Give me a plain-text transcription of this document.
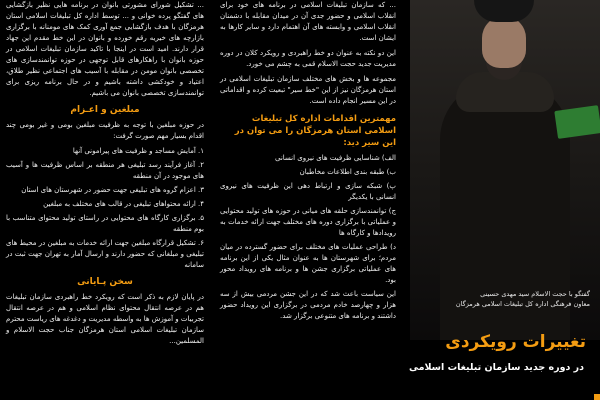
... تشکیل شورای مشورتی بانوان در برنامه هایی نظیر بازگشایی های گفتگو پرده خوانی و ... توسط اداره کل تبلیغات اسلامی استان هرمزگان با هدف بازگشایی جمع آوری کمک های مومنانه با برگزاری بازارچه های خیریه رقم خورده و بانوان در این خط مقدم این جهاد قرار دارند. امید است در اینجا با تاکید سازمان تبلیغات اسلامی در حوزه بانوان با راهکارهای قابل توجهی در حوزه توانمندسازی های تخصصی بانوان مومن در مقابله با آسیب های اجتماعی نظیر طلاق، اعتیاد و خودکشی داشته باشیم و در حال برنامه ریزی برای توانمندسازی تخصصی بانوان می باشیم.

مبلغین و اعـزام

در حوزه مبلغین با توجه به ظرفیت مبلغین بومی و غیر بومی چند اقدام بسیار مهم صورت گرفت:

۱. آمایش مساجد و ظرفیت های پیرامونی آنها
۲. آغاز فرآیند رسد تبلیغی هر منطقه بر اساس ظرفیت ها و آسیب های موجود در آن منطقه
۳. اعزام گروه های تبلیغی جهت حضور در شهرستان های استان
۴. ارائه محتواهای تبلیغی در قالب های مختلف به مبلغین
۵. برگزاری کارگاه های محتوایی در راستای تولید محتوای متناسب با بوم منطقه
۶. تشکیل قرارگاه مبلغین جهت ارائه خدمات به مبلغین در محیط های تبلیغی و مبلغانی که حضور دارند و ارسال آمار به تهران جهت ثبت در سامانه
سخن پـایانی

در پایان لازم به ذکر است که رویکرد خط راهبردی سازمان تبلیغات هم در عرصه انتقال محتوای نظام اسلامی و هم در عرصه انتقال تجربیات و آموزش ها به واسطه مدیریت و دغدغه های ریاست محترم سازمان تبلیغات اسلامی استان هرمزگان جناب حجت الاسلام و المسلمین...

... که سازمان تبلیغات اسلامی در برنامه های خود برای انقلاب اسلامی و حضور جدی آن در میدان مقابله با دشمنان انقلاب اسلامی و وابسته های آن اهتمام دارد و سایر کارها به ایشان است.

این دو نکته به عنوان دو خط راهبردی و رویکرد کلان در دوره مدیریت جدید حجت الاسلام قمی به چشم می خورد.

مجموعه ها و بخش های مختلف سازمان تبلیغات اسلامی در استان هرمزگان نیز از این "خط سیر" تبعیت کرده و اقداماتی در این مسیر انجام داده است.

مهمترین اقدامات اداره کل تبلیغات اسلامی استان هرمزگان را می توان در این سیر دید:
الف) شناسایی ظرفیت های نیروی انسانی
ب) طبقه بندی اطلاعات مخاطبان
پ) شبکه سازی و ارتباط دهی این ظرفیت های نیروی انسانی با یکدیگر
ج) توانمندسازی حلقه های میانی در حوزه های تولید محتوایی و عملیاتی با برگزاری دوره های مختلف جهت ارائه خدمات به رویدادها و کارگاه ها
د) طراحی عملیات های مختلف برای حضور گسترده در میان مردم؛ برای شهرستان ها به عنوان مثال یکی از این برنامه های عملیاتی برگزاری جشن ها و برنامه های رویداد محور بود.

این سیاست باعث شد که در این جشن مردمی بیش از سه هزار و چهارصد خادم مردمی در برگزاری این رویداد حضور داشتند و برنامه های متنوعی برگزار شد.

گفتگو با حجت الاسلام سید مهدی حسینی
معاون فرهنگی اداره کل تبلیغات اسلامی هرمزگان
تغییرات رویکردی
در دوره جدید سازمان تبلیغات اسلامی
